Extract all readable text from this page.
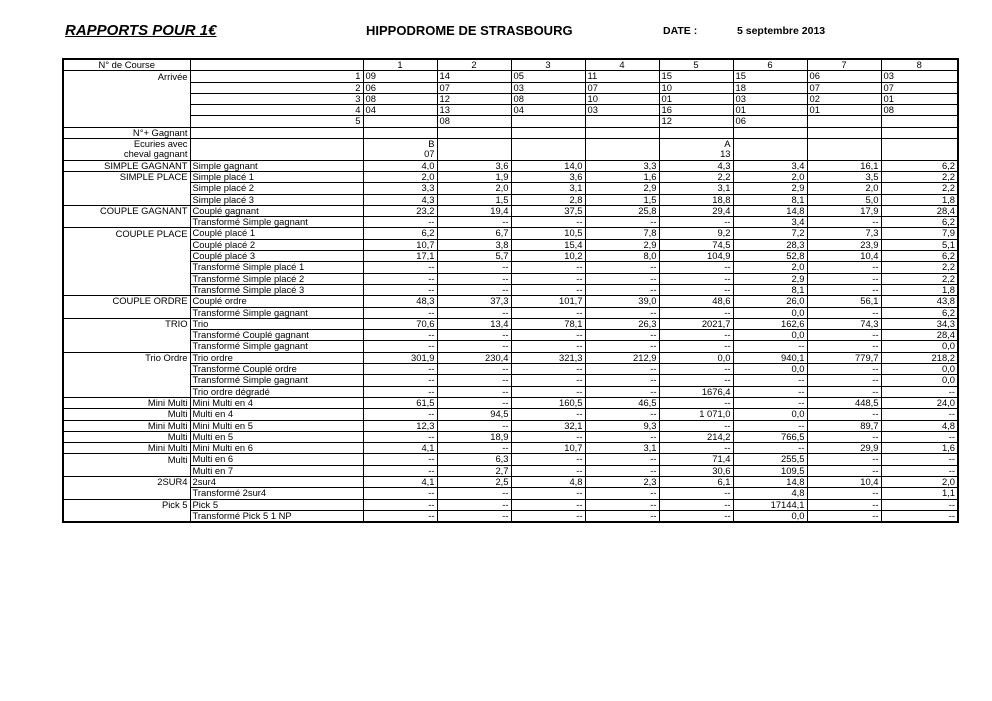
RAPPORTS POUR 1€	HIPPODROME DE STRASBOURG	DATE :	5 septembre 2013
N° de Course		1	2	3	4	5	6	7	8
Arrivée	1	09	14	05	11	15	15	06	03
	2	06	07	03	07	10	18	07	07
	3	08	12	08	10	01	03	02	01
	4	04	13	04	03	16	01	01	08
	5		08			12	06		
N°+ Gagnant									
Ecuries avec		B				A			
cheval gagnant		07				13			
SIMPLE GAGNANT	Simple gagnant	4,0	3,6	14,0	3,3	4,3	3,4	16,1	6,2
SIMPLE PLACE	Simple placé 1	2,0	1,9	3,6	1,6	2,2	2,0	3,5	2,2
	Simple placé 2	3,3	2,0	3,1	2,9	3,1	2,9	2,0	2,2
	Simple placé 3	4,3	1,5	2,8	1,5	18,8	8,1	5,0	1,8
COUPLE GAGNANT	Couplé gagnant	23,2	19,4	37,5	25,8	29,4	14,8	17,9	28,4
	Transformé Simple gagnant	--	--	--	--	--	3,4	--	6,2
COUPLE PLACE	Couplé placé 1	6,2	6,7	10,5	7,8	9,2	7,2	7,3	7,9
	Couplé placé 2	10,7	3,8	15,4	2,9	74,5	28,3	23,9	5,1
	Couplé placé 3	17,1	5,7	10,2	8,0	104,9	52,8	10,4	6,2
	Transformé Simple placé 1	--	--	--	--	--	2,0	--	2,2
	Transformé Simple placé 2	--	--	--	--	--	2,9	--	2,2
	Transformé Simple placé 3	--	--	--	--	--	8,1	--	1,8
COUPLE ORDRE	Couplé ordre	48,3	37,3	101,7	39,0	48,6	26,0	56,1	43,8
	Transformé Simple gagnant	--	--	--	--	--	0,0	--	6,2
TRIO	Trio	70,6	13,4	78,1	26,3	2021,7	162,6	74,3	34,3
	Transformé Couplé gagnant	--	--	--	--	--	0,0	--	28,4
	Transformé Simple gagnant	--	--	--	--	--	--	--	0,0
Trio Ordre	Trio ordre	301,9	230,4	321,3	212,9	0,0	940,1	779,7	218,2
	Transformé Couplé ordre	--	--	--	--	--	0,0	--	0,0
	Transformé Simple gagnant	--	--	--	--	--	--	--	0,0
	Trio ordre dégradé	--	--	--	--	1676,4	--	--	--
Mini Multi	Mini Multi en 4	61,5	--	160,5	46,5	--	--	448,5	24,0
Multi	Multi en 4	--	94,5	--	--	1 071,0	0,0	--	--
Mini Multi	Mini Multi en 5	12,3	--	32,1	9,3	--	--	89,7	4,8
Multi	Multi en 5	--	18,9	--	--	214,2	766,5	--	--
Mini Multi	Mini Multi en 6	4,1	--	10,7	3,1	--	--	29,9	1,6
Multi	Multi en 6	--	6,3	--	--	71,4	255,5	--	--
	Multi en 7	--	2,7	--	--	30,6	109,5	--	--
2SUR4	2sur4	4,1	2,5	4,8	2,3	6,1	14,8	10,4	2,0
	Transformé 2sur4	--	--	--	--	--	4,8	--	1,1
Pick 5	Pick 5	--	--	--	--	--	17144,1	--	--
	Transformé Pick 5 1 NP	--	--	--	--	--	0,0	--	--
